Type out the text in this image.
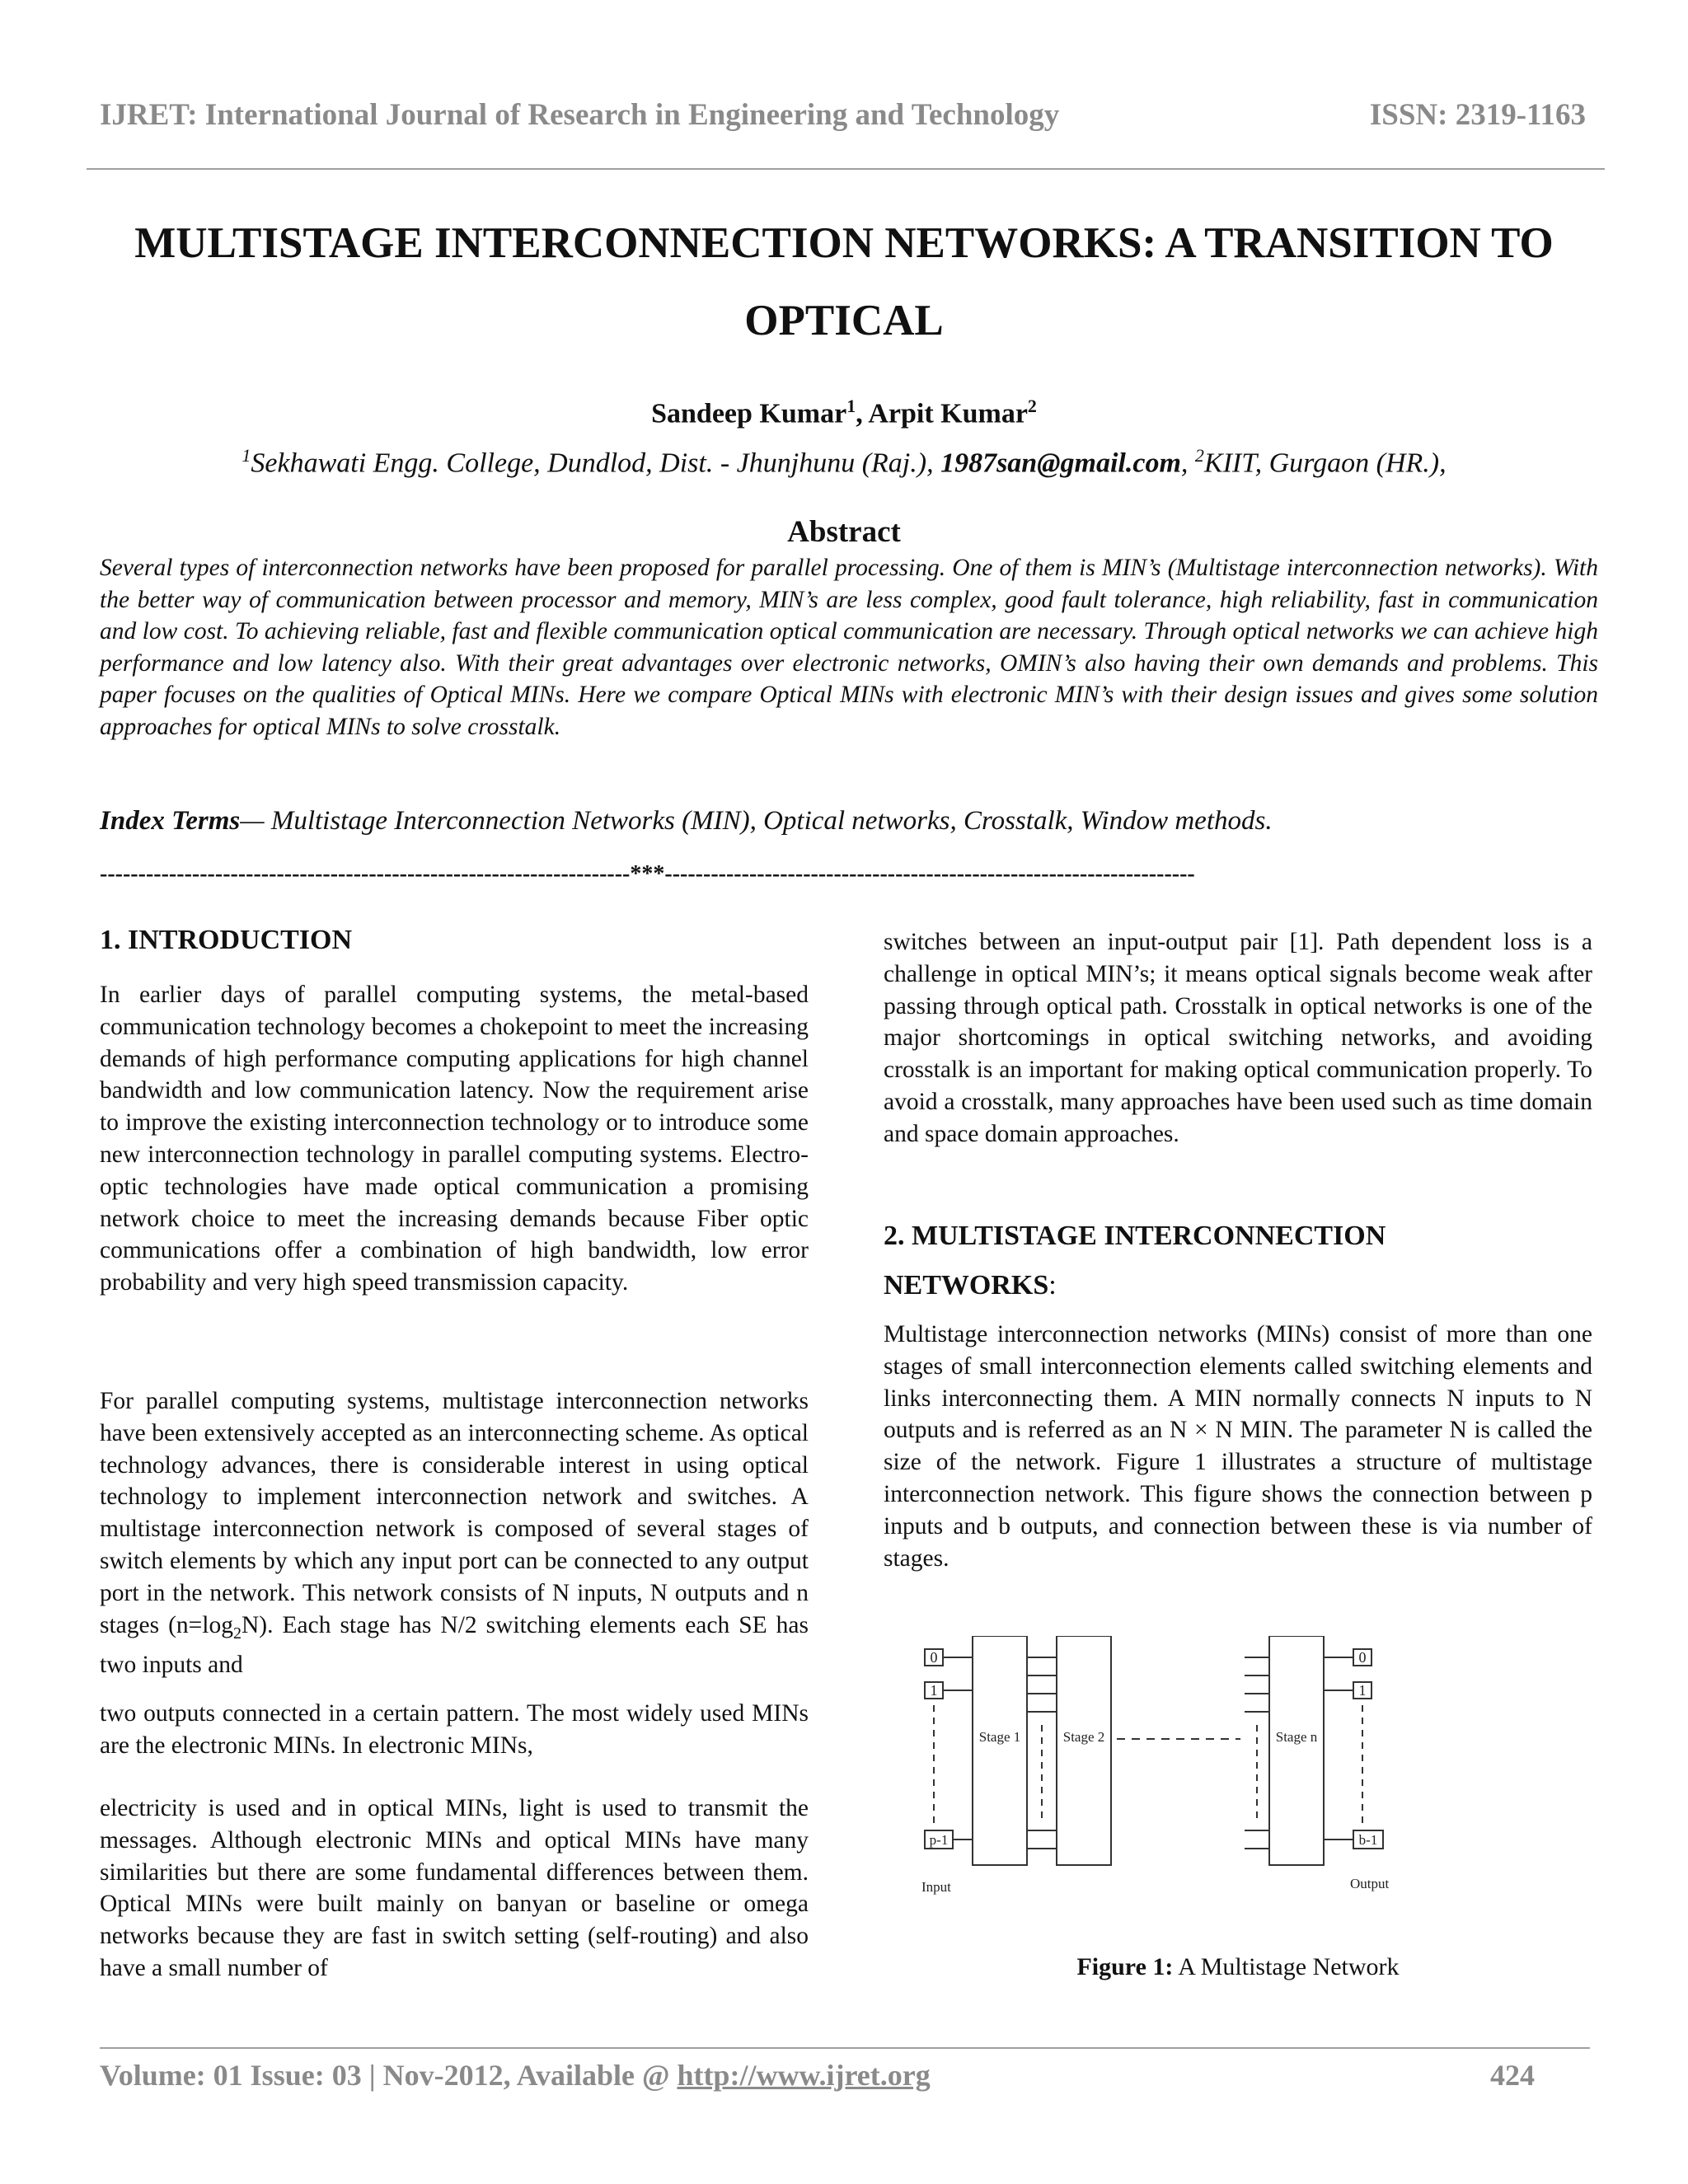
IJRET: International Journal of Research in Engineering and Technology	ISSN: 2319-1163
MULTISTAGE INTERCONNECTION NETWORKS: A TRANSITION TO
OPTICAL
Sandeep Kumar$^1$, Arpit Kumar$^2$
$^1$Sekhawati Engg. College, Dundlod, Dist. - Jhunjhunu (Raj.), 1987san@gmail.com, $^2$KIIT, Gurgaon (HR.),
Abstract
Several types of interconnection networks have been proposed for parallel processing. One of them is MIN’s (Multistage interconnection networks). With the better way of communication between processor and memory, MIN’s are less complex, good fault tolerance, high reliability, fast in communication and low cost. To achieving reliable, fast and flexible communication optical communication are necessary. Through optical networks we can achieve high performance and low latency also. With their great advantages over electronic networks, OMIN’s also having their own demands and problems. This paper focuses on the qualities of Optical MINs. Here we compare Optical MINs with electronic MIN’s with their design issues and gives some solution approaches for optical MINs to solve crosstalk.
Index Terms— Multistage Interconnection Networks (MIN), Optical networks, Crosstalk, Window methods.
---------------------------------------------------------------------***---------------------------------------------------------------------
1. INTRODUCTION

In earlier days of parallel computing systems, the metal-based communication technology becomes a chokepoint to meet the increasing demands of high performance computing applications for high channel bandwidth and low communication latency. Now the requirement arise to improve the existing interconnection technology or to introduce some new interconnection technology in parallel computing systems. Electro-optic technologies have made optical communication a promising network choice to meet the increasing demands because Fiber optic communications offer a combination of high bandwidth, low error probability and very high speed transmission capacity.

For parallel computing systems, multistage interconnection networks have been extensively accepted as an interconnecting scheme. As optical technology advances, there is considerable interest in using optical technology to implement interconnection network and switches. A multistage interconnection network is composed of several stages of switch elements by which any input port can be connected to any output port in the network. This network consists of N inputs, N outputs and n stages $(n=\log_2N)$. Each stage has N/2 switching elements each SE has two inputs and

two outputs connected in a certain pattern. The most widely used MINs are the electronic MINs. In electronic MINs,

electricity is used and in optical MINs, light is used to transmit the messages. Although electronic MINs and optical MINs have many similarities but there are some fundamental differences between them. Optical MINs were built mainly on banyan or baseline or omega networks because they are fast in switch setting (self-routing) and also have a small number of

switches between an input-output pair [1]. Path dependent loss is a challenge in optical MIN’s; it means optical signals become weak after passing through optical path. Crosstalk in optical networks is one of the major shortcomings in optical switching networks, and avoiding crosstalk is an important for making optical communication properly. To avoid a crosstalk, many approaches have been used such as time domain and space domain approaches.

2. MULTISTAGE INTERCONNECTION
NETWORKS:

Multistage interconnection networks (MINs) consist of more than one stages of small interconnection elements called switching elements and links interconnecting them. A MIN normally connects N inputs to N outputs and is referred as an N × N MIN. The parameter N is called the size of the network. Figure 1 illustrates a structure of multistage interconnection network. This figure shows the connection between p inputs and b outputs, and connection between these is via number of stages.

0
1
p-1
Stage 1	Stage 2	Stage n
0
1
b-1
Input	Output
Figure 1: A Multistage Network
Volume: 01 Issue: 03 | Nov-2012, Available @ http://www.ijret.org	424
